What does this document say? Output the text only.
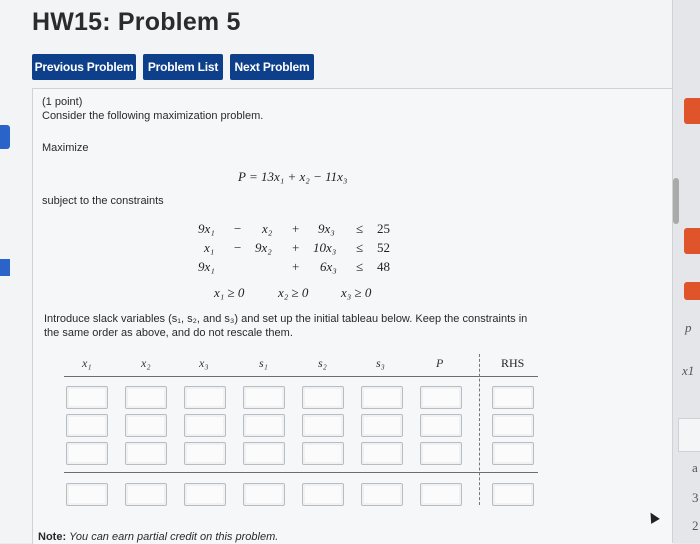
HW15: Problem 5
Previous Problem	Problem List	Next Problem
(1 point)
Consider the following maximization problem.
Maximize
P = 13x₁ + x₂ − 11x₃
subject to the constraints
9x₁ − x₂ + 9x₃ ≤ 25
x₁ − 9x₂ + 10x₃ ≤ 52
9x₁	+ 6x₃ ≤ 48
x₁ ≥ 0	x₂ ≥ 0	x₃ ≥ 0
Introduce slack variables (s₁, s₂, and s₃) and set up the initial tableau below. Keep the constraints in
the same order as above, and do not rescale them.
x₁	x₂	x₃	s₁	s₂	s₃	P	RHS
Note: You can earn partial credit on this problem.
p
x1
a
3
2
